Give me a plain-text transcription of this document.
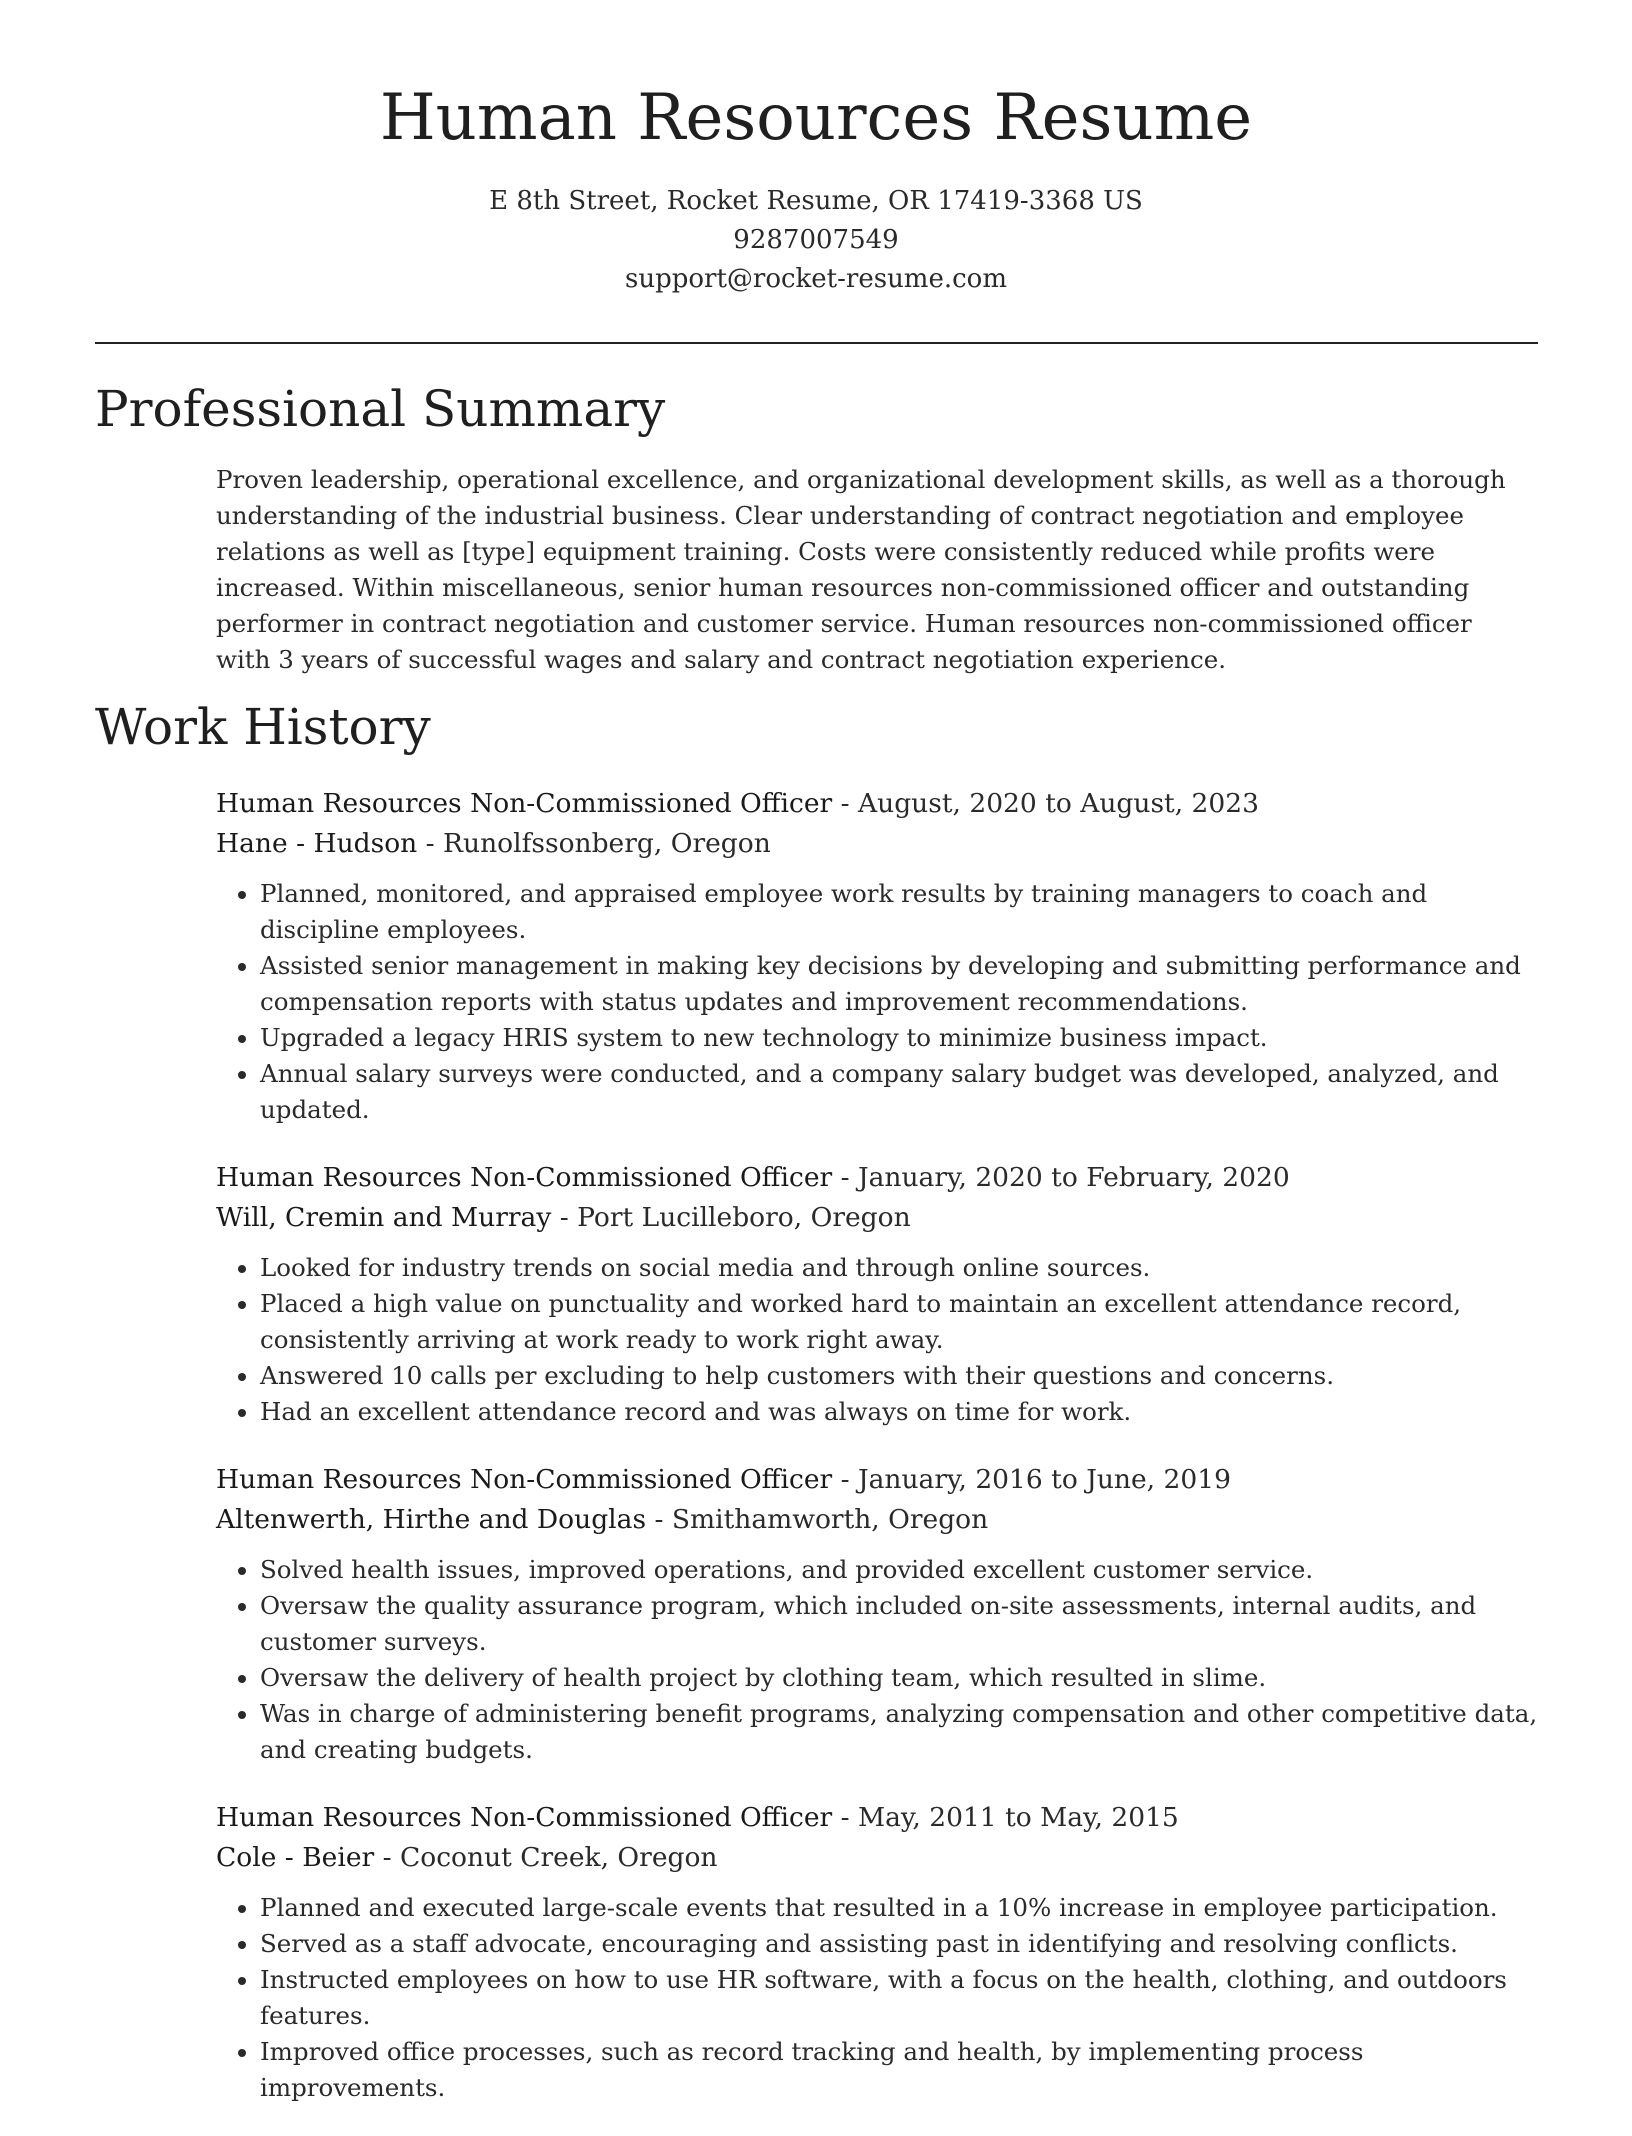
Human Resources Resume
E 8th Street, Rocket Resume, OR 17419-3368 US
9287007549
support@rocket-resume.com
Professional Summary

Proven leadership, operational excellence, and organizational development skills, as well as a thorough understanding of the industrial business. Clear understanding of contract negotiation and employee relations as well as [type] equipment training. Costs were consistently reduced while profits were increased. Within miscellaneous, senior human resources non-commissioned officer and outstanding performer in contract negotiation and customer service. Human resources non-commissioned officer with 3 years of successful wages and salary and contract negotiation experience.

Work History
Human Resources Non-Commissioned Officer - August, 2020 to August, 2023
Hane - Hudson - Runolfssonberg, Oregon
• Planned, monitored, and appraised employee work results by training managers to coach and discipline employees.
• Assisted senior management in making key decisions by developing and submitting performance and compensation reports with status updates and improvement recommendations.
• Upgraded a legacy HRIS system to new technology to minimize business impact.
• Annual salary surveys were conducted, and a company salary budget was developed, analyzed, and updated.
Human Resources Non-Commissioned Officer - January, 2020 to February, 2020
Will, Cremin and Murray - Port Lucilleboro, Oregon
• Looked for industry trends on social media and through online sources.
• Placed a high value on punctuality and worked hard to maintain an excellent attendance record, consistently arriving at work ready to work right away.
• Answered 10 calls per excluding to help customers with their questions and concerns.
• Had an excellent attendance record and was always on time for work.
Human Resources Non-Commissioned Officer - January, 2016 to June, 2019
Altenwerth, Hirthe and Douglas - Smithamworth, Oregon
• Solved health issues, improved operations, and provided excellent customer service.
• Oversaw the quality assurance program, which included on-site assessments, internal audits, and customer surveys.
• Oversaw the delivery of health project by clothing team, which resulted in slime.
• Was in charge of administering benefit programs, analyzing compensation and other competitive data, and creating budgets.
Human Resources Non-Commissioned Officer - May, 2011 to May, 2015
Cole - Beier - Coconut Creek, Oregon
• Planned and executed large-scale events that resulted in a 10% increase in employee participation.
• Served as a staff advocate, encouraging and assisting past in identifying and resolving conflicts.
• Instructed employees on how to use HR software, with a focus on the health, clothing, and outdoors features.
• Improved office processes, such as record tracking and health, by implementing process improvements.
